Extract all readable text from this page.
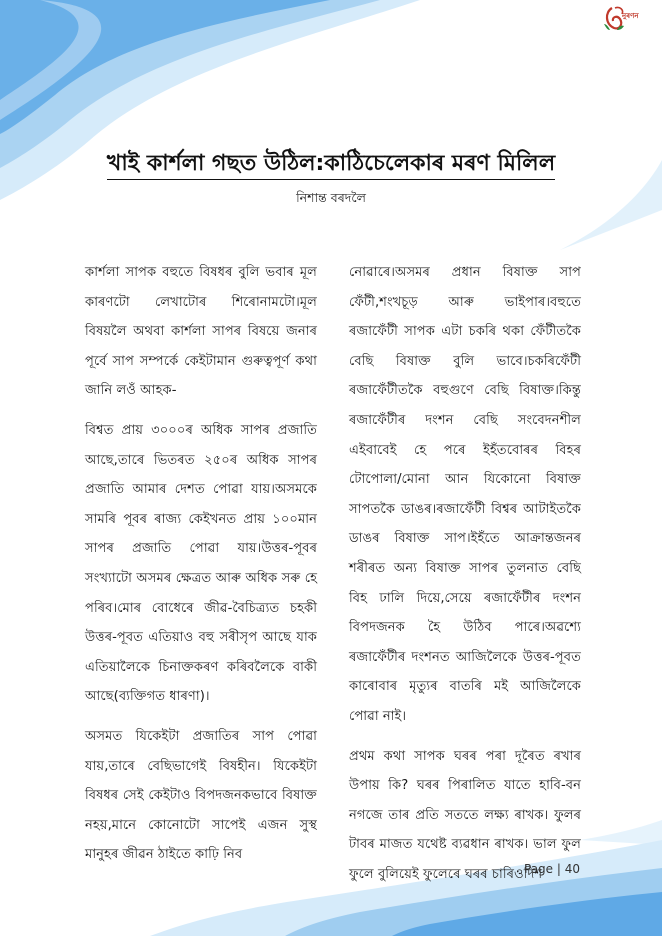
নুৰণন
খাই কাৰ্শলা গছত উঠিল:কাঠিচেলেকাৰ মৰণ মিলিল
নিশান্ত বৰদলৈ

কাৰ্শলা সাপক বহুতে বিষধৰ বুলি ভবাৰ মূল কাৰণটো লেখাটোৰ শিৰোনামটো।মূল বিষয়লৈ অথবা কাৰ্শলা সাপৰ বিষয়ে জনাৰ পূৰ্বে সাপ সম্পৰ্কে কেইটামান গুৰুত্বপূৰ্ণ কথা জানি লওঁ আহক-

বিশ্বত প্ৰায় ৩০০০ৰ অধিক সাপৰ প্ৰজাতি আছে,তাৰে ভিতৰত ২৫০ৰ অধিক সাপৰ প্ৰজাতি আমাৰ দেশত পোৱা যায়।অসমকে সামৰি পূবৰ ৰাজ্য কেইখনত প্ৰায় ১০০মান সাপৰ প্ৰজাতি পোৱা যায়।উত্তৰ-পূবৰ সংখ্যাটো অসমৰ ক্ষেত্ৰত আৰু অধিক সৰু হে পৰিব।মোৰ বোধেৰে জীৱ-বৈচিত্ৰ্যত চহকী উত্তৰ-পূবত এতিয়াও বহু সৰীসৃপ আছে যাক এতিয়ালৈকে চিনাক্তকৰণ কৰিবলৈকে বাকী আছে(ব্যক্তিগত ধাৰণা)।

অসমত যিকেইটা প্ৰজাতিৰ সাপ পোৱা যায়,তাৰে বেছিভাগেই বিষহীন। যিকেইটা বিষধৰ সেই কেইটাও বিপদজনকভাবে বিষাক্ত নহয়,মানে কোনোটো সাপেই এজন সুস্থ মানুহৰ জীৱন ঠাইতে কাঢ়ি নিব

নোৱাৰে।অসমৰ প্ৰধান বিষাক্ত সাপ ফেঁটী,শংখচূড় আৰু ভাইপাৰ।বহুতে ৰজাফেঁটী সাপক এটা চকৰি থকা ফেঁটীতকৈ বেছি বিষাক্ত বুলি ভাবে।চকৰিফেঁটী ৰজাফেঁটীতকৈ বহুগুণে বেছি বিষাক্ত।কিন্তু ৰজাফেঁটীৰ দংশন বেছি সংবেদনশীল এইবাবেই হে পৰে ইহঁতবোৰৰ বিহৰ টোপোলা/মোনা আন যিকোনো বিষাক্ত সাপতকৈ ডাঙৰ।ৰজাফেঁটী বিশ্বৰ আটাইতকৈ ডাঙৰ বিষাক্ত সাপ।ইহঁতে আক্ৰান্তজনৰ শৰীৰত অন্য বিষাক্ত সাপৰ তুলনাত বেছি বিহ ঢালি দিয়ে,সেয়ে ৰজাফেঁটীৰ দংশন বিপদজনক হৈ উঠিব পাৰে।অৱশ্যে ৰজাফেঁটীৰ দংশনত আজিলৈকে উত্তৰ-পূবত কাৰোবাৰ মৃত্যুৰ বাতৰি মই আজিলৈকে পোৱা নাই।

প্ৰথম কথা সাপক ঘৰৰ পৰা দূৰৈত ৰখাৰ উপায় কি? ঘৰৰ পিৰালিত যাতে হাবি-বন নগজে তাৰ প্ৰতি সততে লক্ষ্য ৰাখক। ফুলৰ টাবৰ মাজত যথেষ্ট ব্যৱধান ৰাখক। ভাল ফুল ফুলে বুলিয়েই ফুলেৰে ঘৰৰ চাৰিওদিশ

Page | 40
